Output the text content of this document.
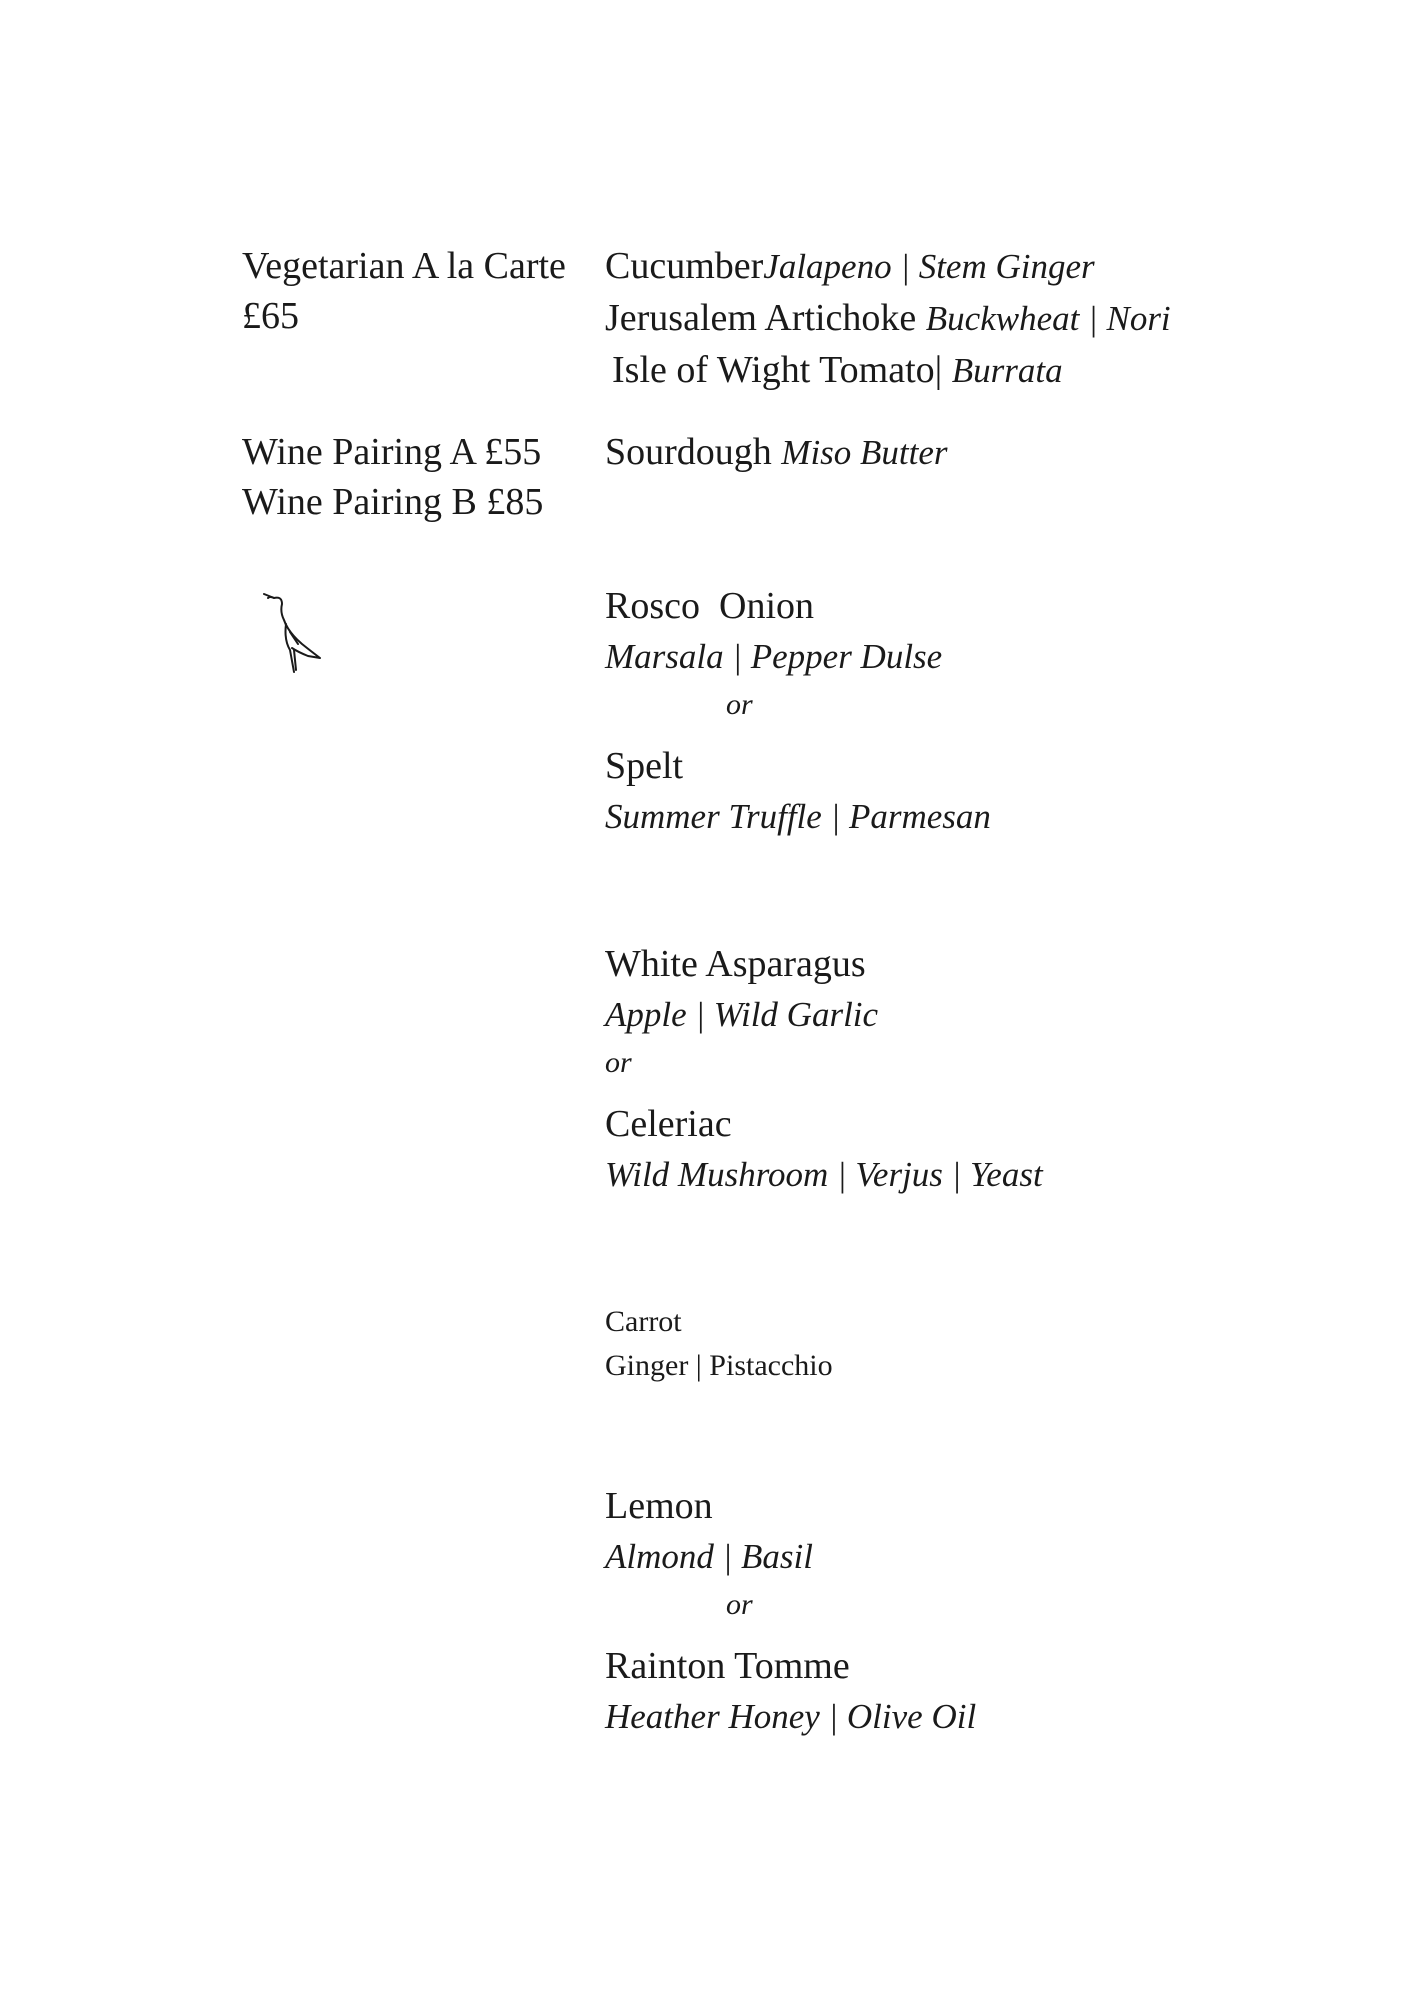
Vegetarian A la Carte
£65
Wine Pairing A £55
Wine Pairing B £85
CucumberJalapeno | Stem Ginger
Jerusalem Artichoke Buckwheat | Nori
Isle of Wight Tomato| Burrata
Sourdough Miso Butter
Rosco  Onion
Marsala | Pepper Dulse
or
Spelt
Summer Truffle | Parmesan
White Asparagus
Apple | Wild Garlic
or
Celeriac
Wild Mushroom | Verjus | Yeast
Carrot
Ginger | Pistacchio
Lemon
Almond | Basil
or
Rainton Tomme
Heather Honey | Olive Oil
